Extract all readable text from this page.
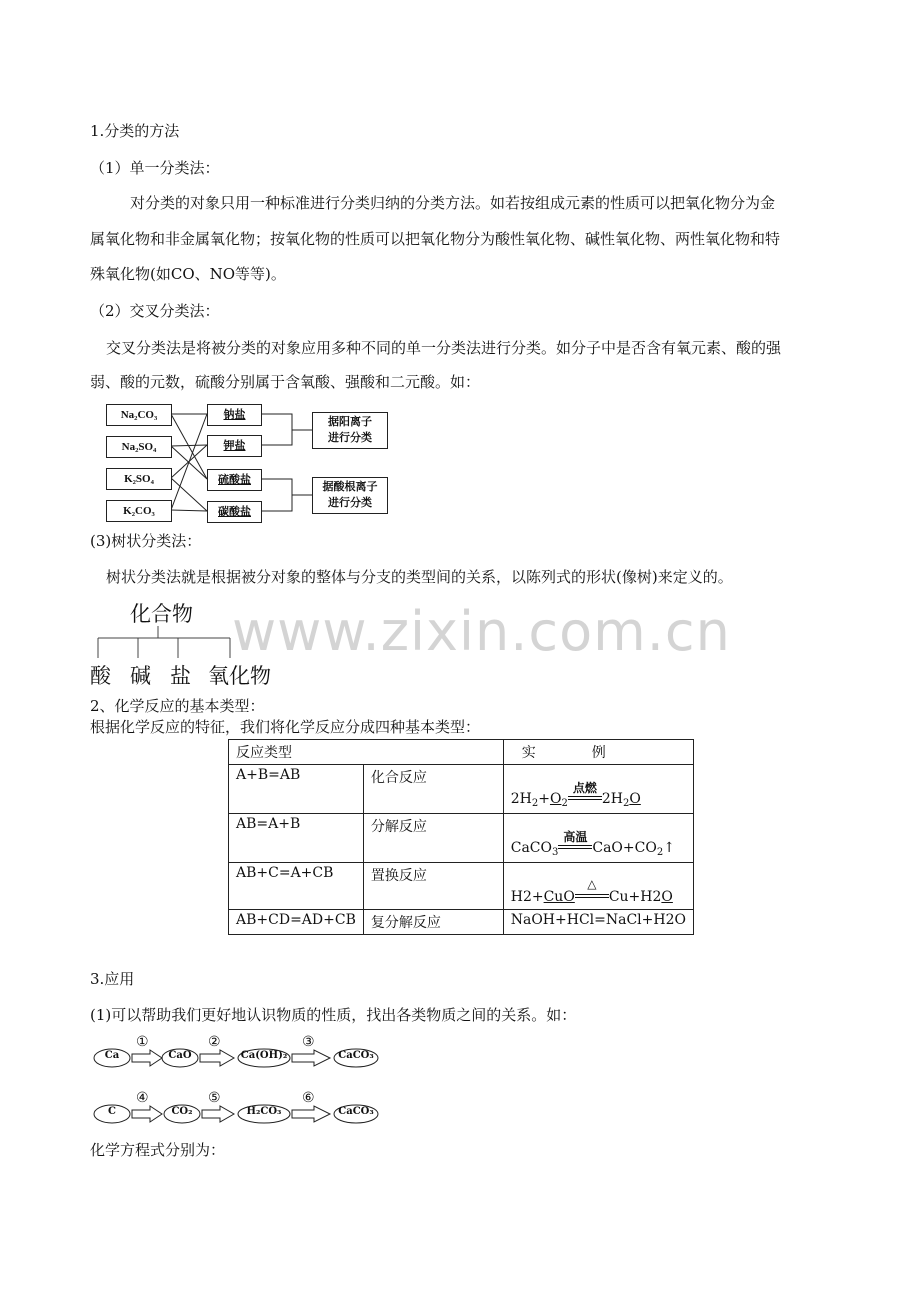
1.分类的方法
（1）单一分类法：
对分类的对象只用一种标准进行分类归纳的分类方法。如若按组成元素的性质可以把氧化物分为金
属氧化物和非金属氧化物；按氧化物的性质可以把氧化物分为酸性氧化物、碱性氧化物、两性氧化物和特
殊氧化物(如CO、NO等等)。
（2）交叉分类法：
交叉分类法是将被分类的对象应用多种不同的单一分类法进行分类。如分子中是否含有氧元素、酸的强
弱、酸的元数，硫酸分别属于含氧酸、强酸和二元酸。如：
Na₂CO₃
Na₂SO₄
K₂SO₄
K₂CO₃
钠盐
钾盐
硫酸盐
碳酸盐
据阳离子
进行分类
据酸根离子
进行分类
(3)树状分类法：
树状分类法就是根据被分对象的整体与分支的类型间的关系，以陈列式的形状(像树)来定义的。
化合物
酸 碱 盐 氧化物
www.zixin.com.cn
2、化学反应的基本类型：
根据化学反应的特征，我们将化学反应分成四种基本类型：
反应类型		实　　　　例
A+B=AB	化合反应	$2H_2+O_2$
点燃
$2H_2O$
AB=A+B	分解反应	CaCO$_3$
高温
$CaO+CO_2↑$
AB+C=A+CB	置换反应	H2+CuO
△
Cu+H2O
AB+CD=AD+CB	复分解反应	NaOH+HCl=NaCl+H2O
3.应用
(1)可以帮助我们更好地认识物质的性质，找出各类物质之间的关系。如：
Ca	CaO	Ca(OH)₂	CaCO₃
①	②	③
C	CO₂	H₂CO₃	CaCO₃
④	⑤	⑥
化学方程式分别为：
